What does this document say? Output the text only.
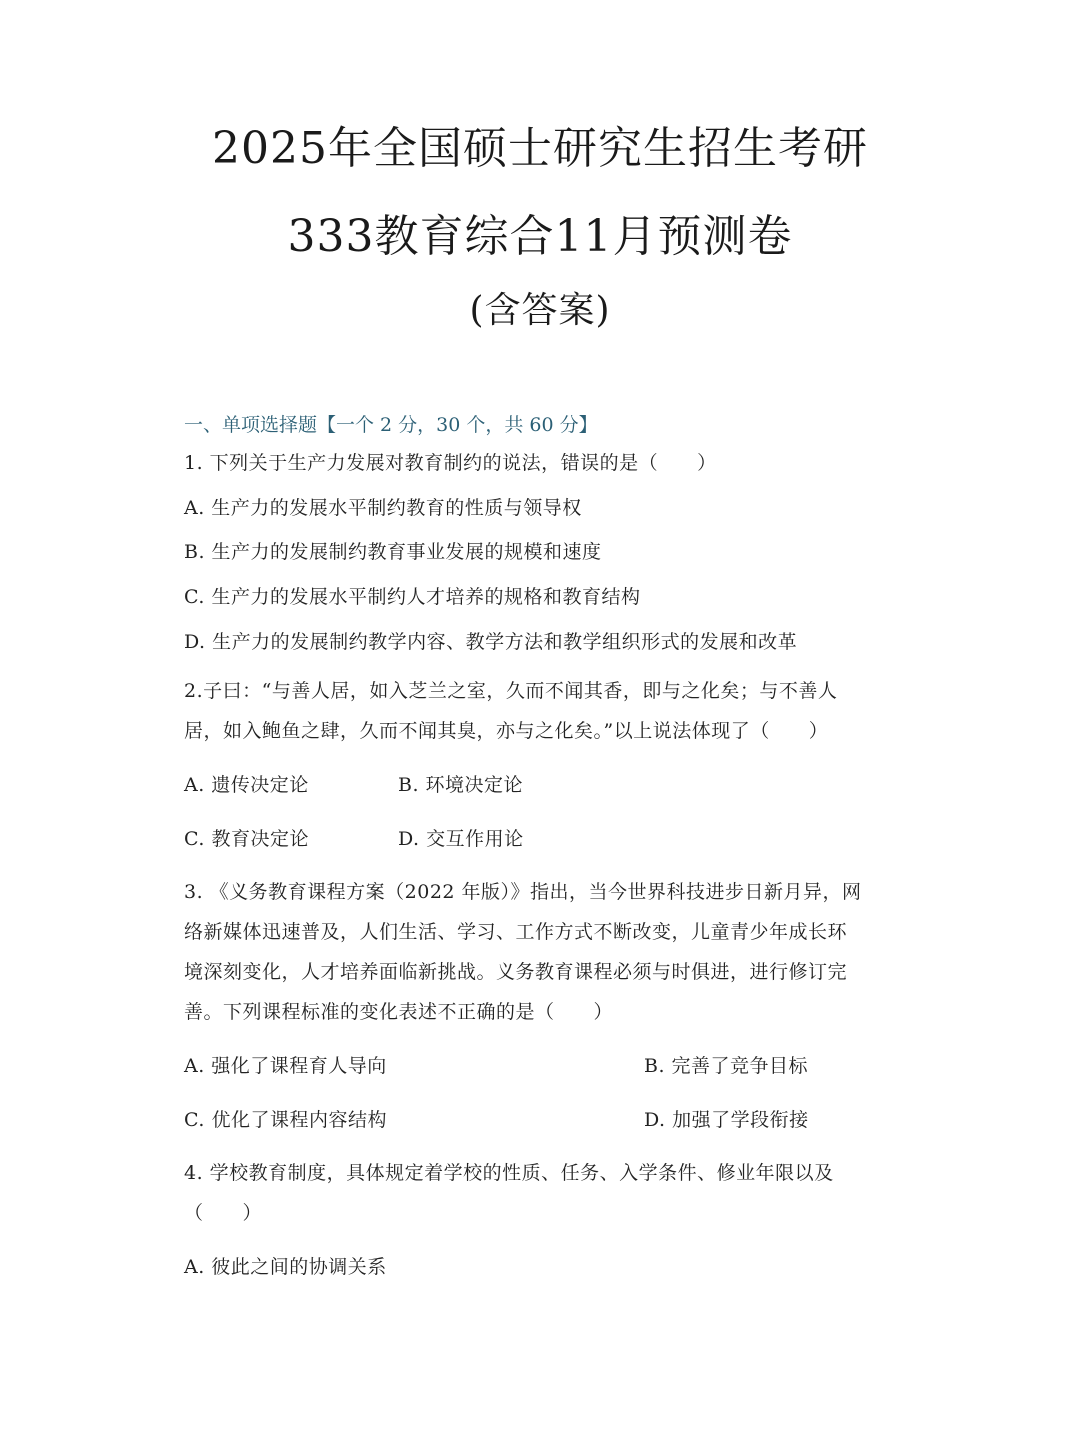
2025年全国硕士研究生招生考研
333教育综合11月预测卷
(含答案)
一、单项选择题【一个 2 分，30 个，共 60 分】
1. 下列关于生产力发展对教育制约的说法，错误的是（　　）
A. 生产力的发展水平制约教育的性质与领导权
B. 生产力的发展制约教育事业发展的规模和速度
C. 生产力的发展水平制约人才培养的规格和教育结构
D. 生产力的发展制约教学内容、教学方法和教学组织形式的发展和改革
2.子曰：“与善人居，如入芝兰之室，久而不闻其香，即与之化矣；与不善人
居，如入鲍鱼之肆，久而不闻其臭，亦与之化矣。”以上说法体现了（　　）
A. 遗传决定论	B. 环境决定论
C. 教育决定论	D. 交互作用论
3. 《义务教育课程方案（2022 年版）》指出，当今世界科技进步日新月异，网
络新媒体迅速普及，人们生活、学习、工作方式不断改变，儿童青少年成长环
境深刻变化，人才培养面临新挑战。义务教育课程必须与时俱进，进行修订完
善。下列课程标准的变化表述不正确的是（　　）
A. 强化了课程育人导向	B. 完善了竞争目标
C. 优化了课程内容结构	D. 加强了学段衔接
4. 学校教育制度，具体规定着学校的性质、任务、入学条件、修业年限以及
（　　）
A. 彼此之间的协调关系
